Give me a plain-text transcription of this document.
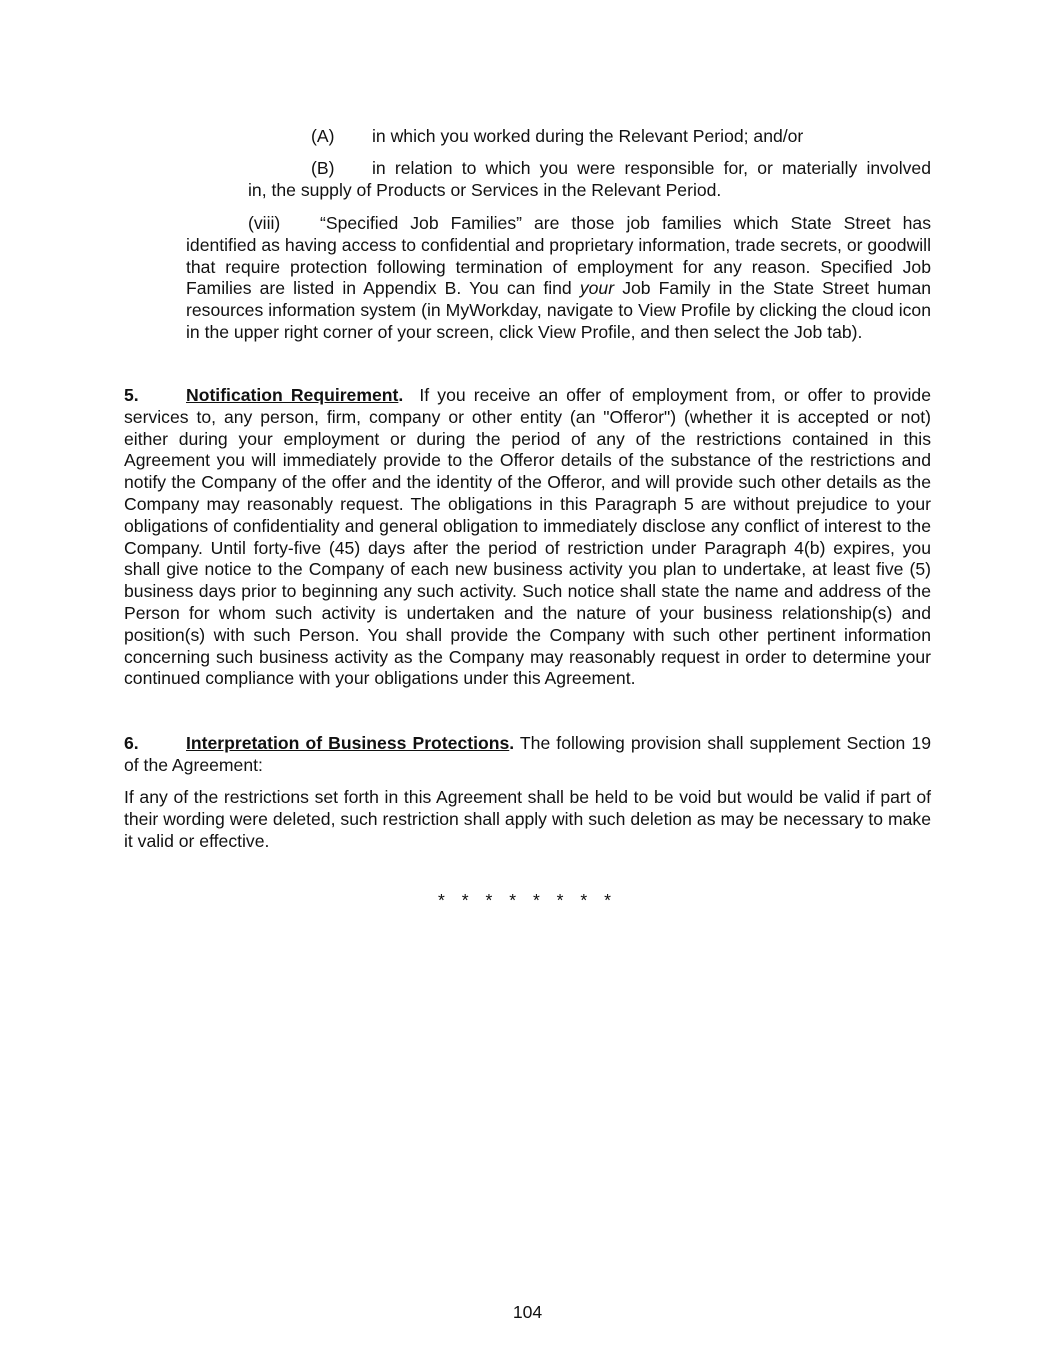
(A) in which you worked during the Relevant Period; and/or
(B) in relation to which you were responsible for, or materially involved
in, the supply of Products or Services in the Relevant Period.
(viii) “Specified Job Families” are those job families which State Street has identified as having access to confidential and proprietary information, trade secrets, or goodwill that require protection following termination of employment for any reason. Specified Job Families are listed in Appendix B. You can find your Job Family in the State Street human resources information system (in MyWorkday, navigate to View Profile by clicking the cloud icon in the upper right corner of your screen, click View Profile, and then select the Job tab).
5.	Notification Requirement. If you receive an offer of employment from, or offer to provide services to, any person, firm, company or other entity (an "Offeror") (whether it is accepted or not) either during your employment or during the period of any of the restrictions contained in this Agreement you will immediately provide to the Offeror details of the substance of the restrictions and notify the Company of the offer and the identity of the Offeror, and will provide such other details as the Company may reasonably request. The obligations in this Paragraph 5 are without prejudice to your obligations of confidentiality and general obligation to immediately disclose any conflict of interest to the Company. Until forty-five (45) days after the period of restriction under Paragraph 4(b) expires, you shall give notice to the Company of each new business activity you plan to undertake, at least five (5) business days prior to beginning any such activity. Such notice shall state the name and address of the Person for whom such activity is undertaken and the nature of your business relationship(s) and position(s) with such Person. You shall provide the Company with such other pertinent information concerning such business activity as the Company may reasonably request in order to determine your continued compliance with your obligations under this Agreement.
6.	Interpretation of Business Protections. The following provision shall supplement Section 19 of the Agreement:
If any of the restrictions set forth in this Agreement shall be held to be void but would be valid if part of their wording were deleted, such restriction shall apply with such deletion as may be necessary to make it valid or effective.
* * * * * * * *
104
